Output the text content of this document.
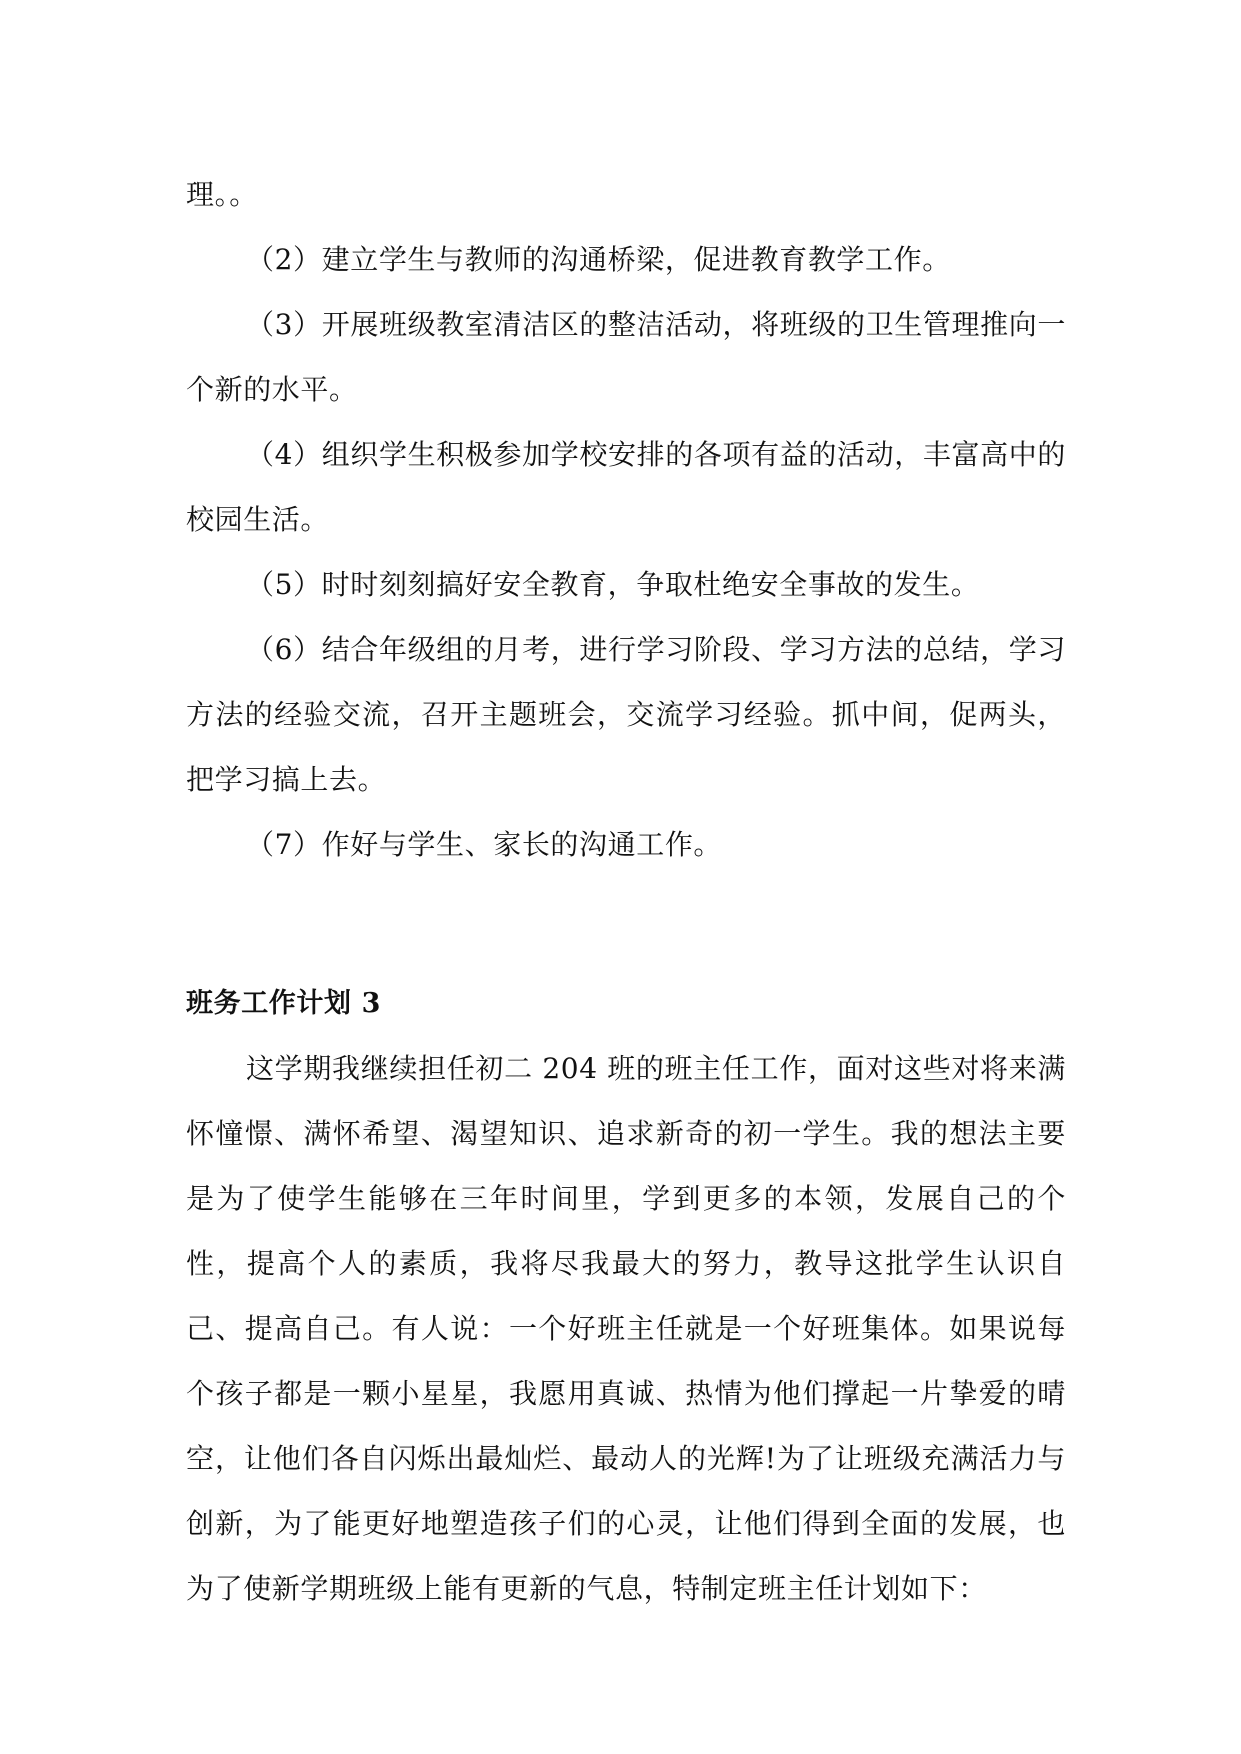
理。。

（2）建立学生与教师的沟通桥梁，促进教育教学工作。

（3）开展班级教室清洁区的整洁活动，将班级的卫生管理推向一个新的水平。

（4）组织学生积极参加学校安排的各项有益的活动，丰富高中的校园生活。

（5）时时刻刻搞好安全教育，争取杜绝安全事故的发生。

（6）结合年级组的月考，进行学习阶段、学习方法的总结，学习方法的经验交流，召开主题班会，交流学习经验。抓中间，促两头，把学习搞上去。

（7）作好与学生、家长的沟通工作。

班务工作计划 3

这学期我继续担任初二 204 班的班主任工作，面对这些对将来满怀憧憬、满怀希望、渴望知识、追求新奇的初一学生。我的想法主要是为了使学生能够在三年时间里，学到更多的本领，发展自己的个性，提高个人的素质，我将尽我最大的努力，教导这批学生认识自己、提高自己。有人说：一个好班主任就是一个好班集体。如果说每个孩子都是一颗小星星，我愿用真诚、热情为他们撑起一片挚爱的晴空，让他们各自闪烁出最灿烂、最动人的光辉!为了让班级充满活力与创新，为了能更好地塑造孩子们的心灵，让他们得到全面的发展，也为了使新学期班级上能有更新的气息，特制定班主任计划如下：
